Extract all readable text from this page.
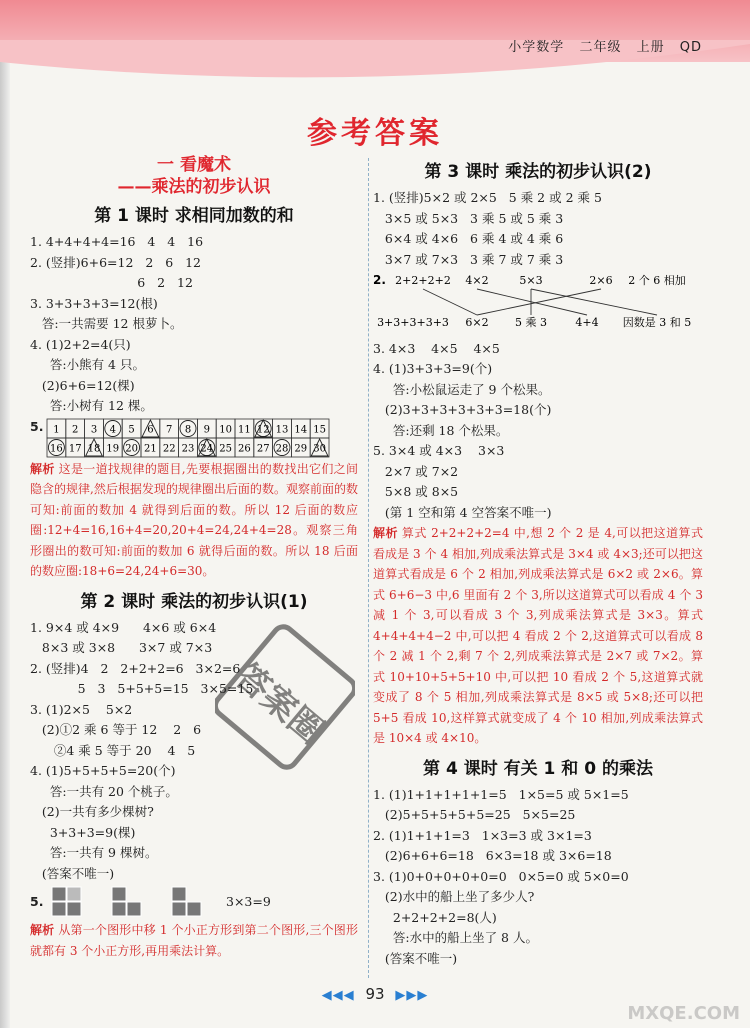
小学数学 二年级 上册 QD
参考答案
一 看魔术
——乘法的初步认识
第 1 课时 求相同加数的和
1. 4+4+4+4=16   4   4   16
2. (竖排)6+6=12   2   6   12
6   2   12
3. 3+3+3+3=12(根)
答:一共需要 12 根萝卜。
4. (1)2+2=4(只)
答:小熊有 4 只。
(2)6+6=12(棵)
答:小树有 12 棵。
5. 1 2 3 4 5 6 7 8 9 10 11 12 13 14 15
16 17 18 19 20 21 22 23 24 25 26 27 28 29 30
解析 这是一道找规律的题目,先要根据圈出的数找出它们之间隐含的规律,然后根据发现的规律圈出后面的数。观察前面的数可知:前面的数加 4 就得到后面的数。所以 12 后面的数应圈:12+4=16,16+4=20,20+4=24,24+4=28。观察三角形圈出的数可知:前面的数加 6 就得后面的数。所以 18 后面的数应圈:18+6=24,24+6=30。
第 2 课时 乘法的初步认识(1)
1. 9×4 或 4×9      4×6 或 6×4
8×3 或 3×8      3×7 或 7×3
2. (竖排)4   2   2+2+2=6   3×2=6
5   3   5+5+5=15   3×5=15
3. (1)2×5    5×2
(2)①2 乘 6 等于 12    2   6
②4 乘 5 等于 20    4   5
4. (1)5+5+5+5=20(个)
答:一共有 20 个桃子。
(2)一共有多少棵树?
3+3+3=9(棵)
答:一共有 9 棵树。
(答案不唯一)
5.	3×3=9
解析 从第一个图形中移 1 个小正方形到第二个图形,三个图形就都有 3 个小正方形,再用乘法计算。
第 3 课时 乘法的初步认识(2)
1. (竖排)5×2 或 2×5   5 乘 2 或 2 乘 5
3×5 或 5×3   3 乘 5 或 5 乘 3
6×4 或 4×6   6 乘 4 或 4 乘 6
3×7 或 7×3   3 乘 7 或 7 乘 3
2. 2+2+2+2 4×2	5×3	2×6 2 个 6 相加
3+3+3+3+3 6×2 5 乘 3	4+4 因数是 3 和 5
3. 4×3    4×5    4×5
4. (1)3+3+3=9(个)
答:小松鼠运走了 9 个松果。
(2)3+3+3+3+3+3=18(个)
答:还剩 18 个松果。
5. 3×4 或 4×3    3×3
2×7 或 7×2
5×8 或 8×5
(第 1 空和第 4 空答案不唯一)
解析 算式 2+2+2+2=4 中,想 2 个 2 是 4,可以把这道算式看成是 3 个 4 相加,列成乘法算式是 3×4 或 4×3;还可以把这道算式看成是 6 个 2 相加,列成乘法算式是 6×2 或 2×6。算式 6+6−3 中,6 里面有 2 个 3,所以这道算式可以看成 4 个 3 减 1 个 3,可以看成 3 个 3,列成乘法算式是 3×3。算式 4+4+4+4−2 中,可以把 4 看成 2 个 2,这道算式可以看成 8 个 2 减 1 个 2,剩 7 个 2,列成乘法算式是 2×7 或 7×2。算式 10+10+5+5+10 中,可以把 10 看成 2 个 5,这道算式就变成了 8 个 5 相加,列成乘法算式是 8×5 或 5×8;还可以把 5+5 看成 10,这样算式就变成了 4 个 10 相加,列成乘法算式是 10×4 或 4×10。
第 4 课时 有关 1 和 0 的乘法
1. (1)1+1+1+1+1=5   1×5=5 或 5×1=5
(2)5+5+5+5+5=25   5×5=25
2. (1)1+1+1=3   1×3=3 或 3×1=3
(2)6+6+6=18   6×3=18 或 3×6=18
3. (1)0+0+0+0+0=0   0×5=0 或 5×0=0
(2)水中的船上坐了多少人?
2+2+2+2=8(人)
答:水中的船上坐了 8 人。
(答案不唯一)
答案圈
◀◀◀ 93 ▶▶▶
MXQE.COM
